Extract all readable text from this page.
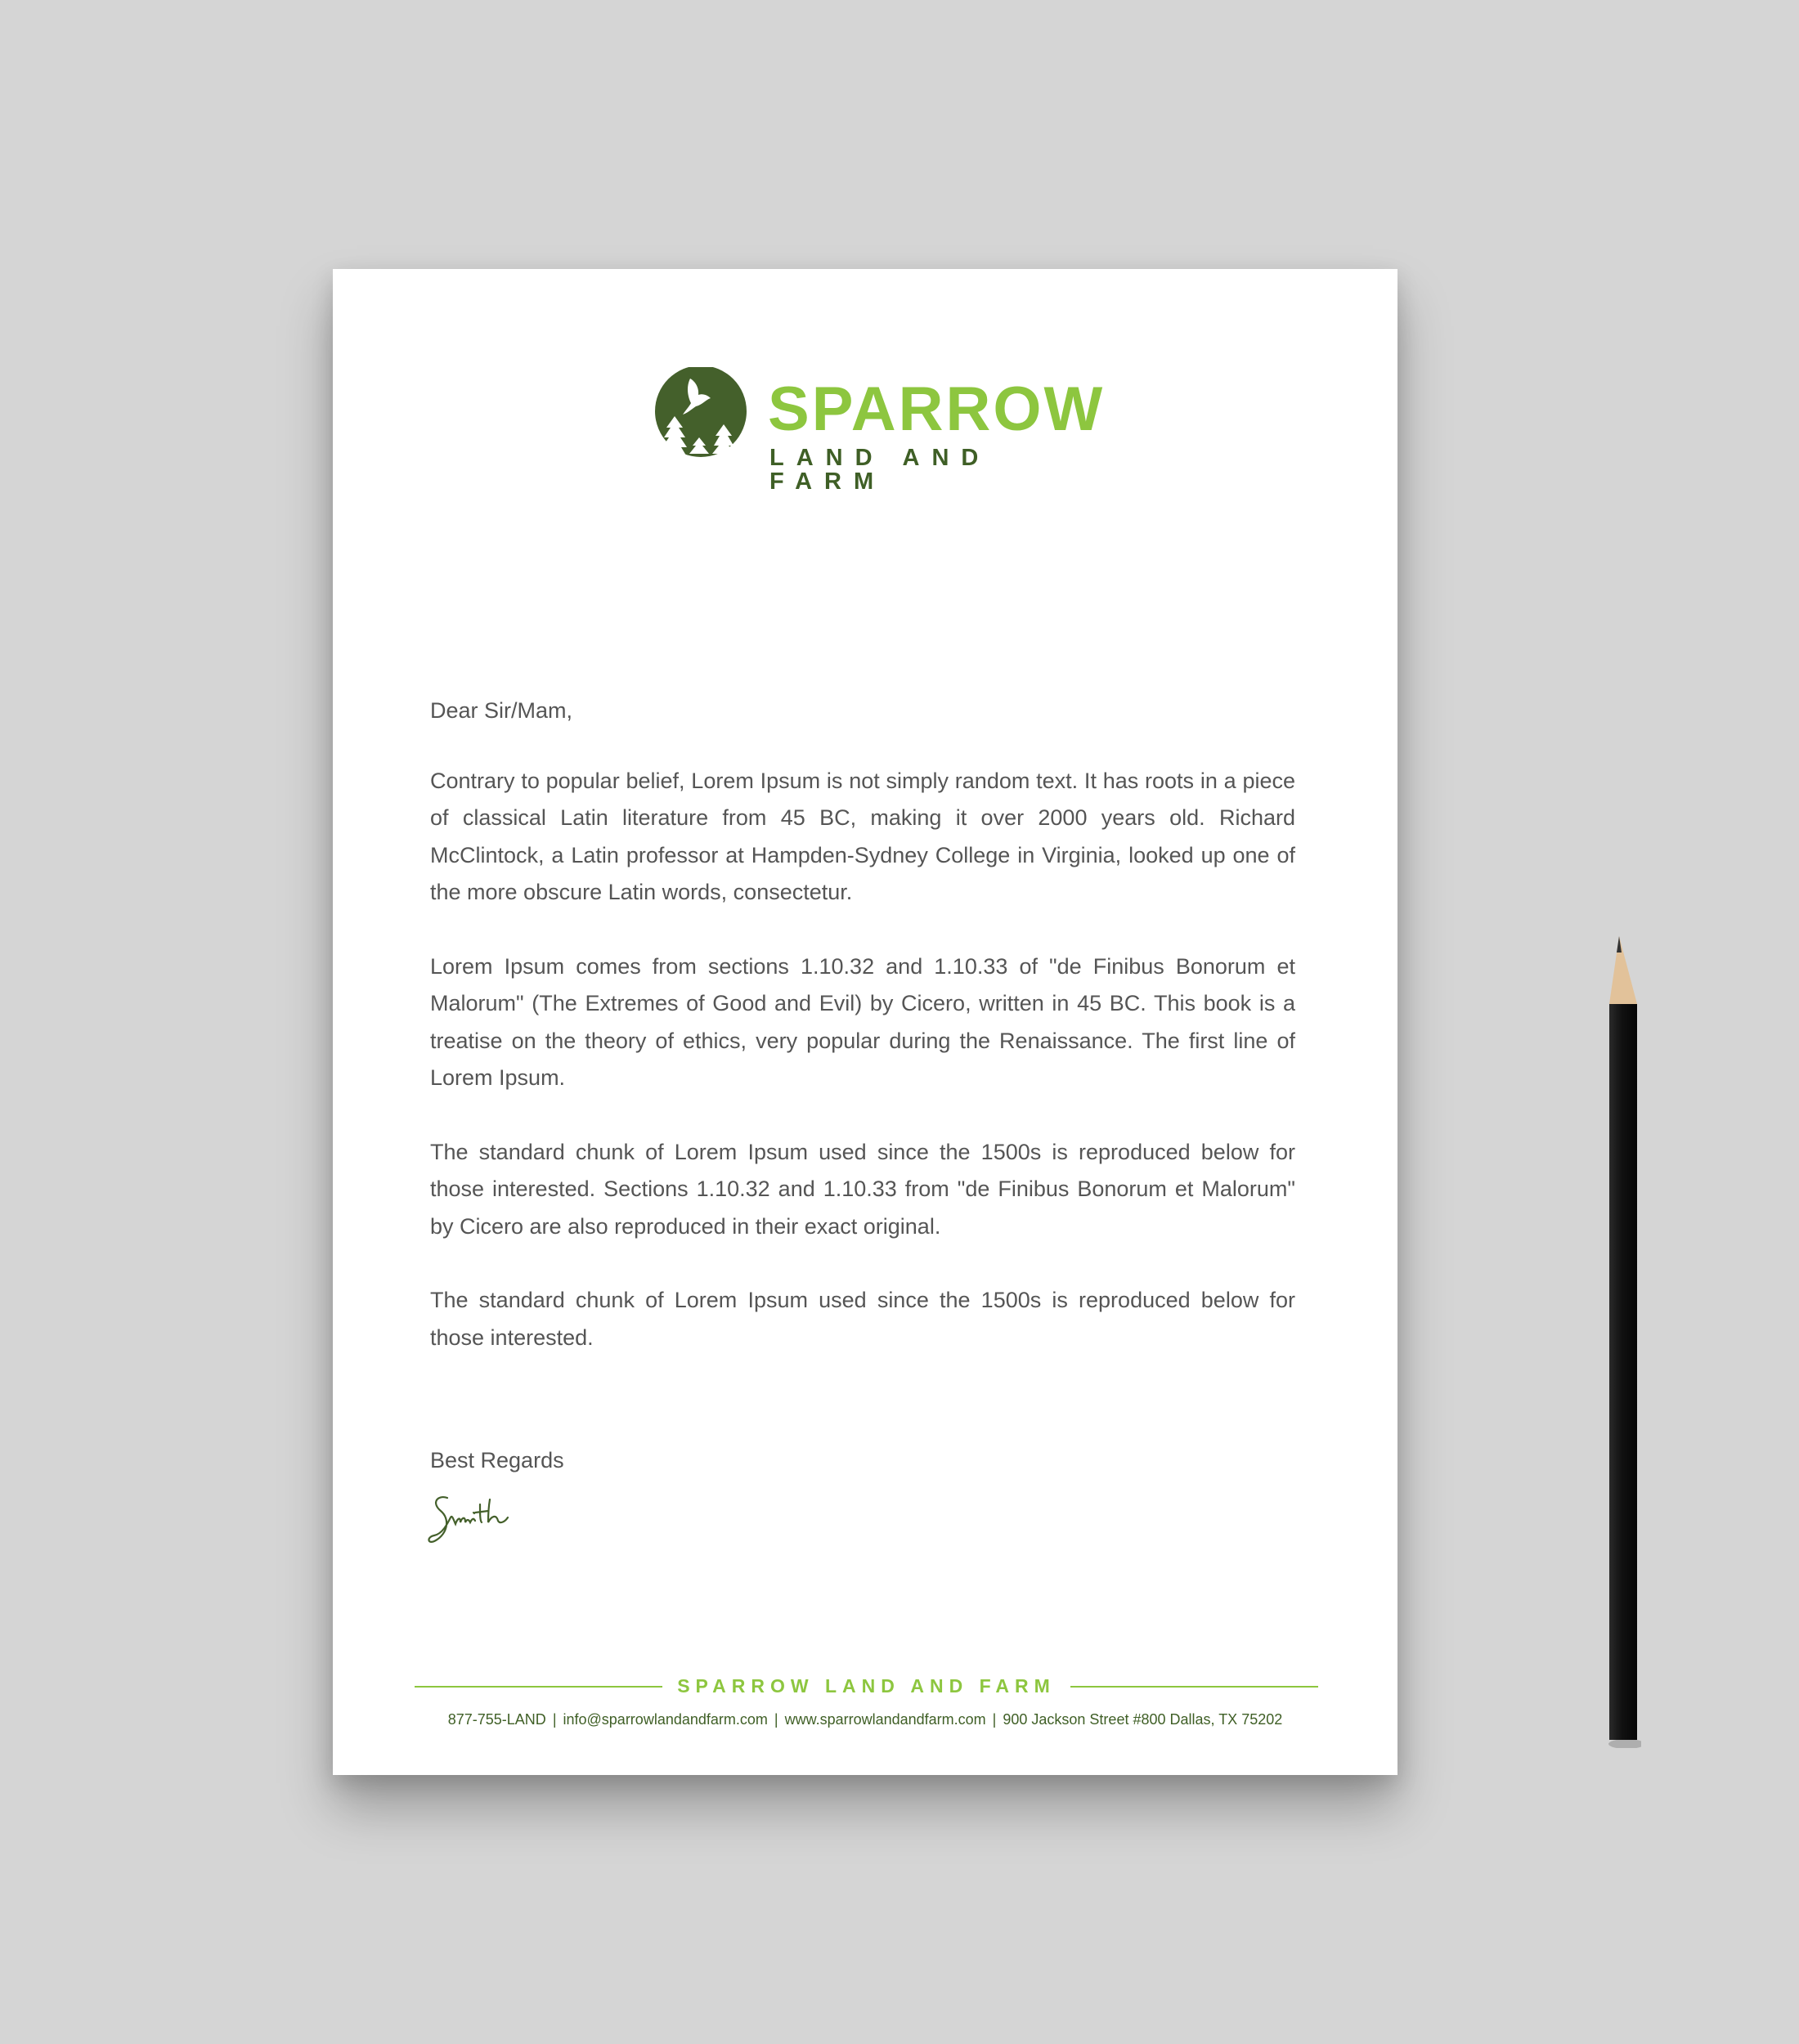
SPARROW
LAND AND FARM

Dear Sir/Mam,

Contrary to popular belief, Lorem Ipsum is not simply random text. It has roots in a piece of classical Latin literature from 45 BC, making it over 2000 years old. Richard McClintock, a Latin professor at Hampden-Sydney College in Virginia, looked up one of the more obscure Latin words, consectetur.

Lorem Ipsum comes from sections 1.10.32 and 1.10.33 of "de Finibus Bonorum et Malorum" (The Extremes of Good and Evil) by Cicero, written in 45 BC. This book is a treatise on the theory of ethics, very popular during the Renaissance. The first line of Lorem Ipsum.

The standard chunk of Lorem Ipsum used since the 1500s is reproduced below for those interested. Sections 1.10.32 and 1.10.33 from "de Finibus Bonorum et Malorum" by Cicero are also reproduced in their exact original.

The standard chunk of Lorem Ipsum used since the 1500s is reproduced below for those interested.

Best Regards
SPARROW LAND AND FARM
877-755-LAND | info@sparrowlandandfarm.com | www.sparrowlandandfarm.com | 900 Jackson Street #800 Dallas, TX 75202
